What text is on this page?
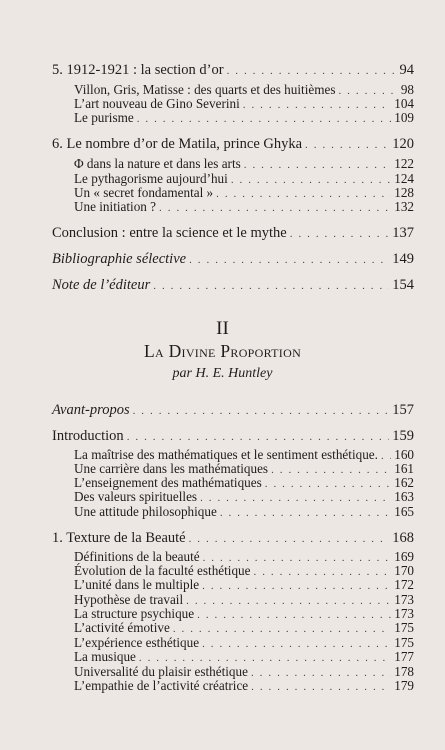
5. 1912-1921 : la section d’or . . .	94
Villon, Gris, Matisse : des quarts et des huitièmes . . .	98
L’art nouveau de Gino Severini . . .	104
Le purisme . . .	109
6. Le nombre d’or de Matila, prince Ghyka . . .	120
Φ dans la nature et dans les arts . . .	122
Le pythagorisme aujourd’hui . . .	124
Un « secret fondamental » . . .	128
Une initiation ? . . .	132
Conclusion : entre la science et le mythe . . .	137
Bibliographie sélective . . .	149
Note de l’éditeur . . .	154
II
La Divine Proportion
par H. E. Huntley
Avant-propos . . .	157
Introduction . . .	159
La maîtrise des mathématiques et le sentiment esthétique. . . . 160
Une carrière dans les mathématiques . . .	161
L’enseignement des mathématiques . . .	162
Des valeurs spirituelles . . .	163
Une attitude philosophique . . .	165
1. Texture de la Beauté . . .	168
Définitions de la beauté . . .	169
Évolution de la faculté esthétique . . .	170
L’unité dans le multiple . . .	172
Hypothèse de travail . . .	173
La structure psychique . . .	173
L’activité émotive . . .	175
L’expérience esthétique . . .	175
La musique . . .	177
Universalité du plaisir esthétique . . .	178
L’empathie de l’activité créatrice . . .	179
